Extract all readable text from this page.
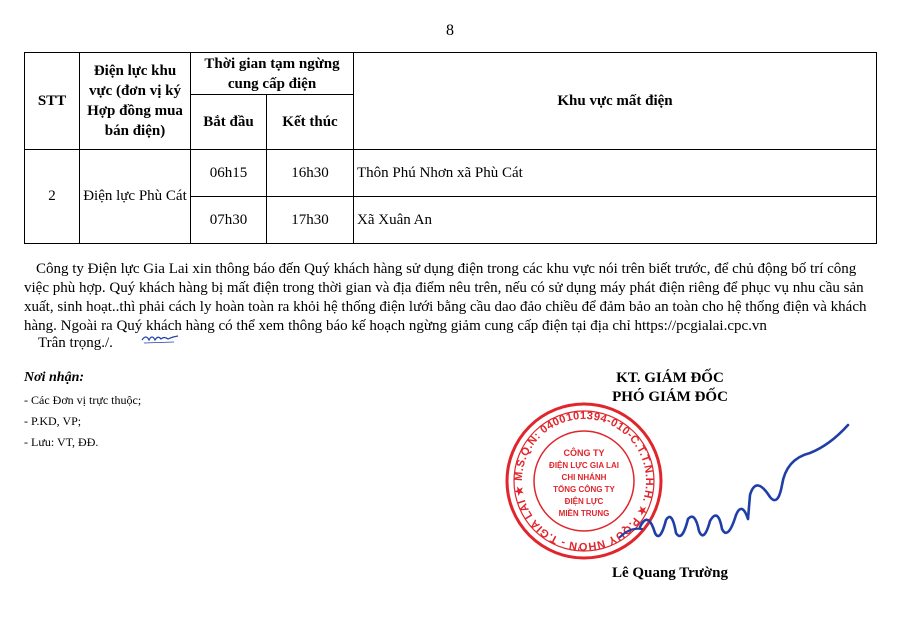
8
STT	Điện lực khu vực (đơn vị ký Hợp đồng mua bán điện)	Thời gian tạm ngừng cung cấp điện		Khu vực mất điện
		Bắt đầu	Kết thúc	
2	Điện lực Phù Cát	06h15	16h30	Thôn Phú Nhơn xã Phù Cát
		07h30	17h30	Xã Xuân An

Công ty Điện lực Gia Lai xin thông báo đến Quý khách hàng sử dụng điện trong các khu vực nói trên biết trước, để chủ động bố trí công việc phù hợp. Quý khách hàng bị mất điện trong thời gian và địa điểm nêu trên, nếu có sử dụng máy phát điện riêng để phục vụ nhu cầu sản xuất, sinh hoạt..thì phải cách ly hoàn toàn ra khỏi hệ thống điện lưới bằng cầu dao đảo chiều để đảm bảo an toàn cho hệ thống điện và khách hàng. Ngoài ra Quý khách hàng có thể xem thông báo kế hoạch ngừng giảm cung cấp điện tại địa chỉ https://pcgialai.cpc.vn

Trân trọng./.
Nơi nhận:
- Các Đơn vị trực thuộc;
- P.KD, VP;
- Lưu: VT, ĐĐ.
KT. GIÁM ĐỐC
PHÓ GIÁM ĐỐC
M.S.Q.N: 0400101394-010-C.T.T.N.H.H. ★ P.QUY NHƠN - T.GIA LAI ★
CÔNG TY
ĐIỆN LỰC GIA LAI
CHI NHÁNH
TỔNG CÔNG TY
ĐIỆN LỰC
MIỀN TRUNG
Lê Quang Trường
